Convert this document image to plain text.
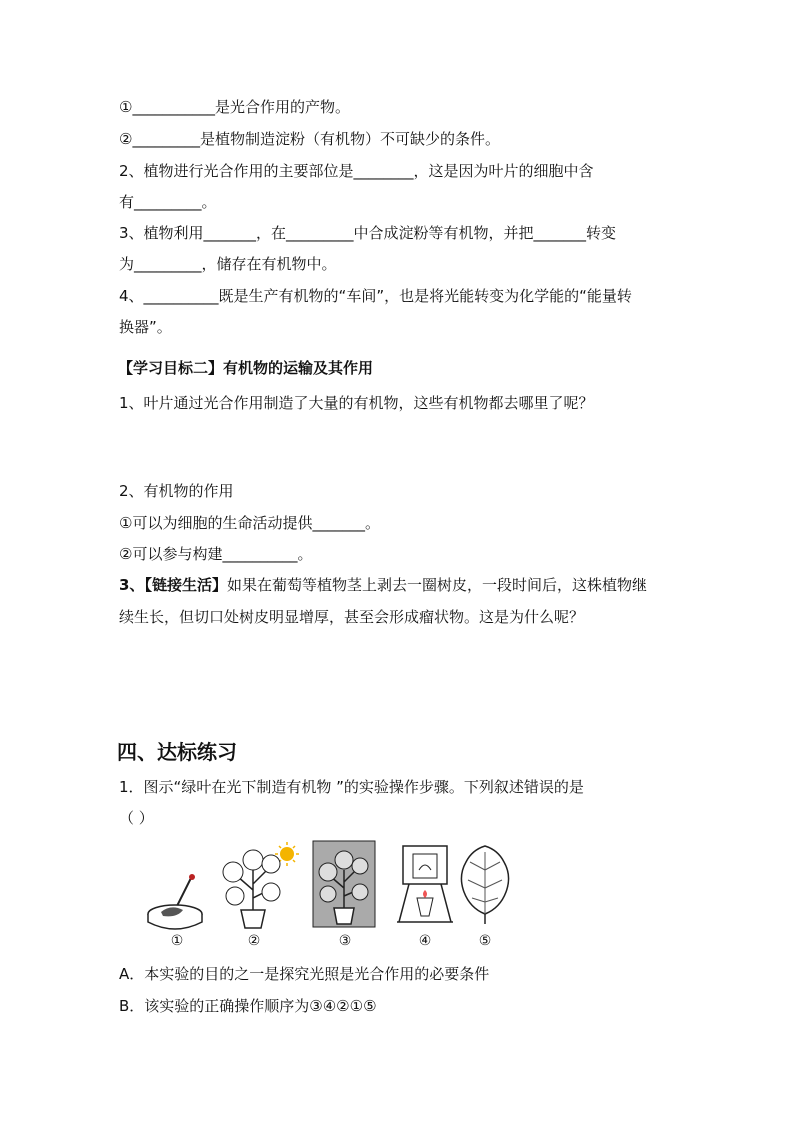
①___________是光合作用的产物。
②_________是植物制造淀粉（有机物）不可缺少的条件。
2、植物进行光合作用的主要部位是________，这是因为叶片的细胞中含
有_________。
3、植物利用_______，在_________中合成淀粉等有机物，并把_______转变
为_________，储存在有机物中。
4、__________既是生产有机物的“车间”，也是将光能转变为化学能的“能量转
换器”。
【学习目标二】有机物的运输及其作用
1、叶片通过光合作用制造了大量的有机物，这些有机物都去哪里了呢？
2、有机物的作用
①可以为细胞的生命活动提供_______。
②可以参与构建__________。
3、【链接生活】如果在葡萄等植物茎上剥去一圈树皮，一段时间后，这株植物继
续生长，但切口处树皮明显增厚，甚至会形成瘤状物。这是为什么呢？
四、达标练习
1．图示“绿叶在光下制造有机物 ”的实验操作步骤。下列叙述错误的是
（ ）
①	②	③	④	⑤
A．本实验的目的之一是探究光照是光合作用的必要条件
B．该实验的正确操作顺序为③④②①⑤
